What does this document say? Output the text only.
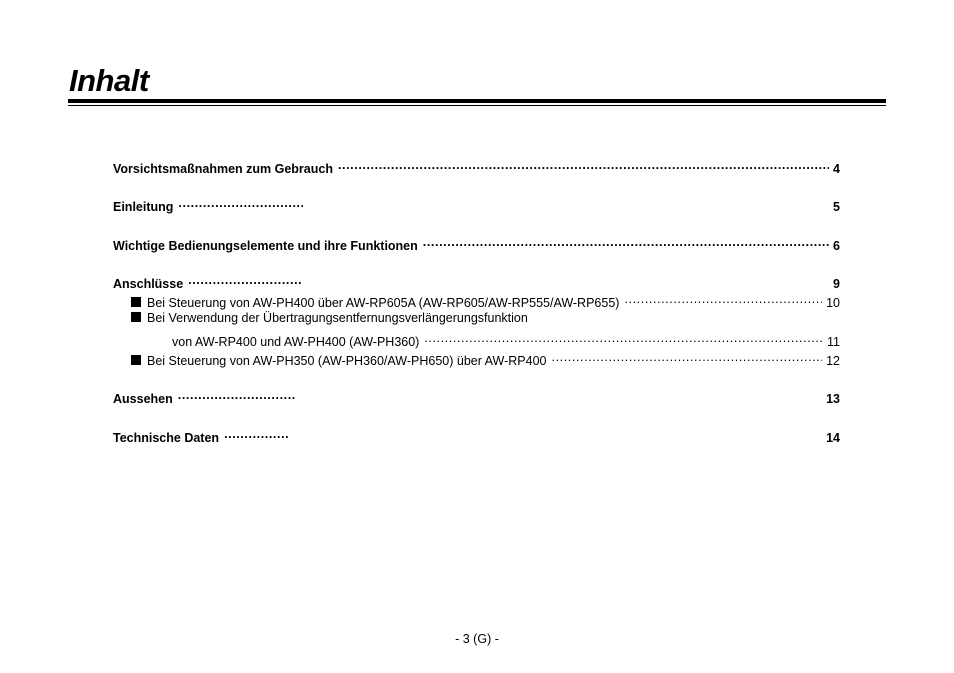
Inhalt
Vorsichtsmaßnahmen zum Gebrauch .....	4
Einleitung .....	5
Wichtige Bedienungselemente und ihre Funktionen .....	6
Anschlüsse .....	9
Bei Steuerung von AW-PH400 über AW-RP605A (AW-RP605/AW-RP555/AW-RP655) .....	10
Bei Verwendung der Übertragungsentfernungsverlängerungsfunktion
von AW-RP400 und AW-PH400 (AW-PH360) .....	11
Bei Steuerung von AW-PH350 (AW-PH360/AW-PH650) über AW-RP400 .....	12
Aussehen .....	13
Technische Daten .....	14
- 3 (G) -
